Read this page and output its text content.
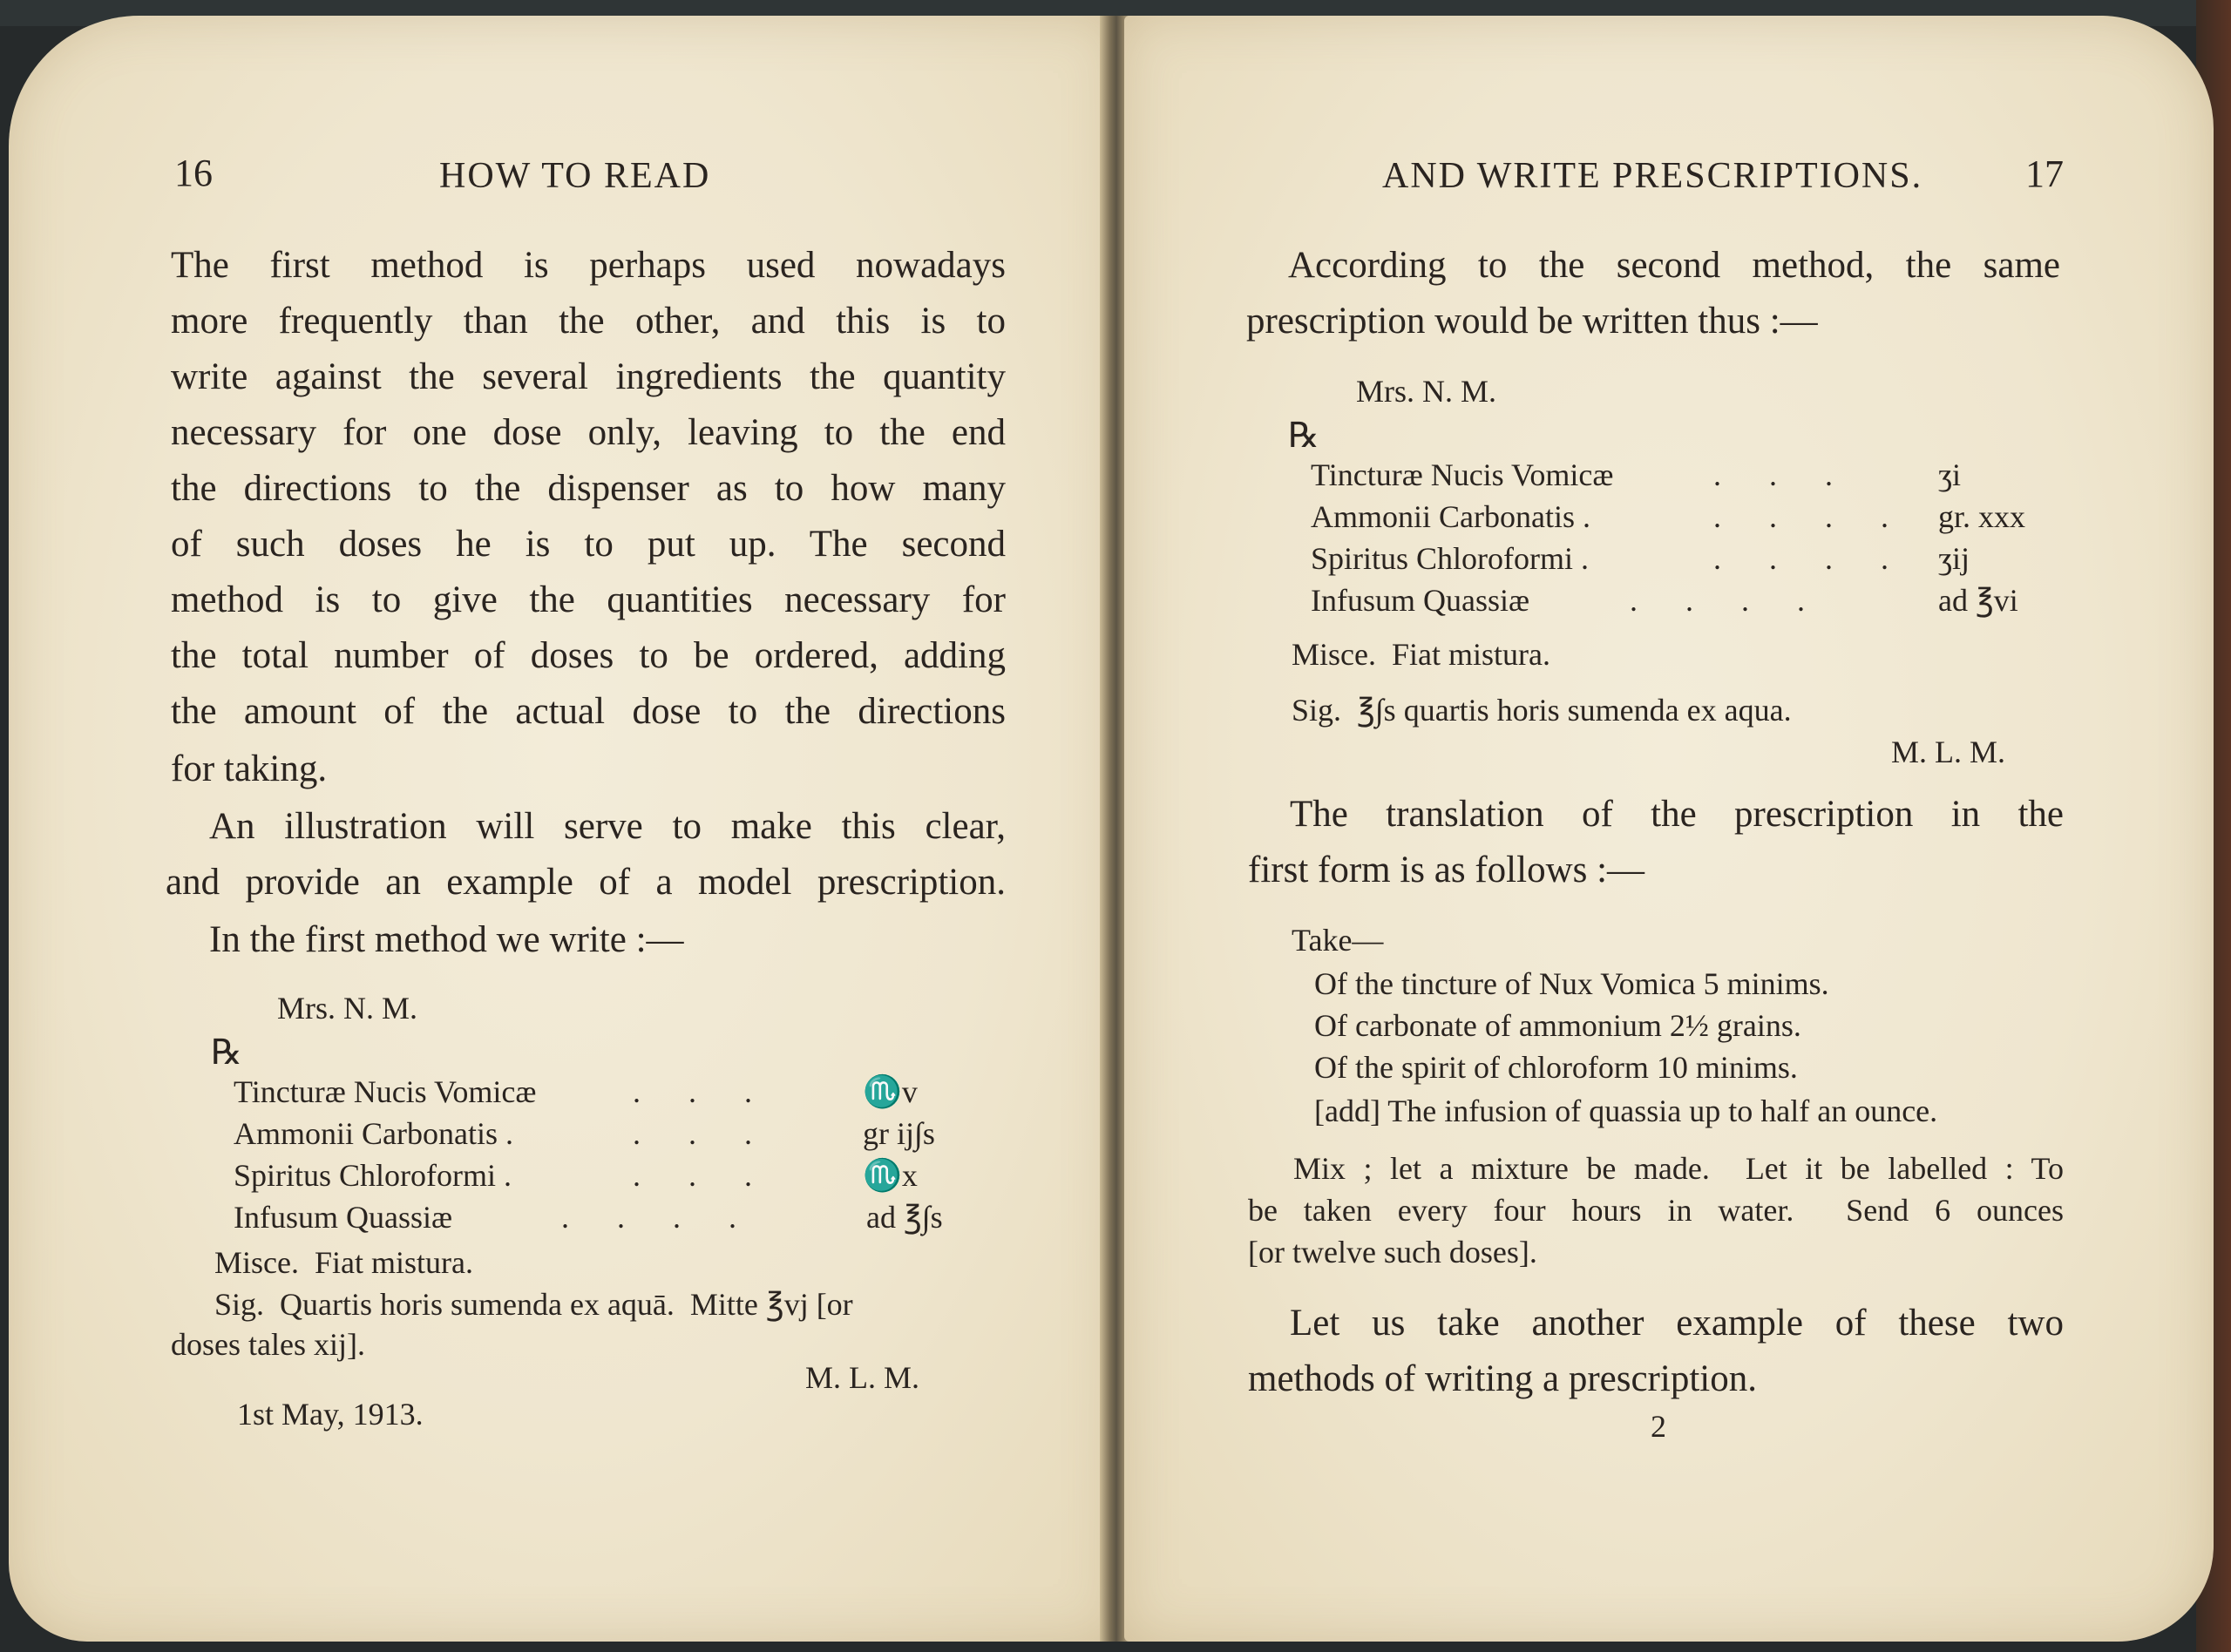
16	HOW TO READ
The first method is perhaps used nowadays
more frequently than the other, and this is to
write against the several ingredients the quantity
necessary for one dose only, leaving to the end
the directions to the dispenser as to how many
of such doses he is to put up. The second
method is to give the quantities necessary for
the total number of doses to be ordered, adding
the amount of the actual dose to the directions
for taking.
An illustration will serve to make this clear,
and provide an example of a model prescription.
In the first method we write :—
Mrs. N. M.
℞
Tincturæ Nucis Vomicæ	. . .	♏v
Ammonii Carbonatis .	. . .	gr ij∫s
Spiritus Chloroformi .	. . .	♏x
Infusum Quassiæ	. . . .	ad ℥∫s
Misce.  Fiat mistura.
Sig.  Quartis horis sumenda ex aquā.  Mitte ℥vj [or
doses tales xij].
M. L. M.
1st May, 1913.
AND WRITE PRESCRIPTIONS.	17
According to the second method, the same
prescription would be written thus :—
Mrs. N. M.
℞
Tincturæ Nucis Vomicæ	. . .	ʒi
Ammonii Carbonatis .	. . . . gr. xxx
Spiritus Chloroformi .	. . . . ʒij
Infusum Quassiæ	. . . .	ad ℥vi
Misce.  Fiat mistura.
Sig.  ℥∫s quartis horis sumenda ex aqua.
M. L. M.
The translation of the prescription in the
first form is as follows :—
Take—
Of the tincture of Nux Vomica 5 minims.
Of carbonate of ammonium 2½ grains.
Of the spirit of chloroform 10 minims.
[add] The infusion of quassia up to half an ounce.
Mix ; let a mixture be made.  Let it be labelled : To
be taken every four hours in water.  Send 6 ounces
[or twelve such doses].
Let us take another example of these two
methods of writing a prescription.
2
